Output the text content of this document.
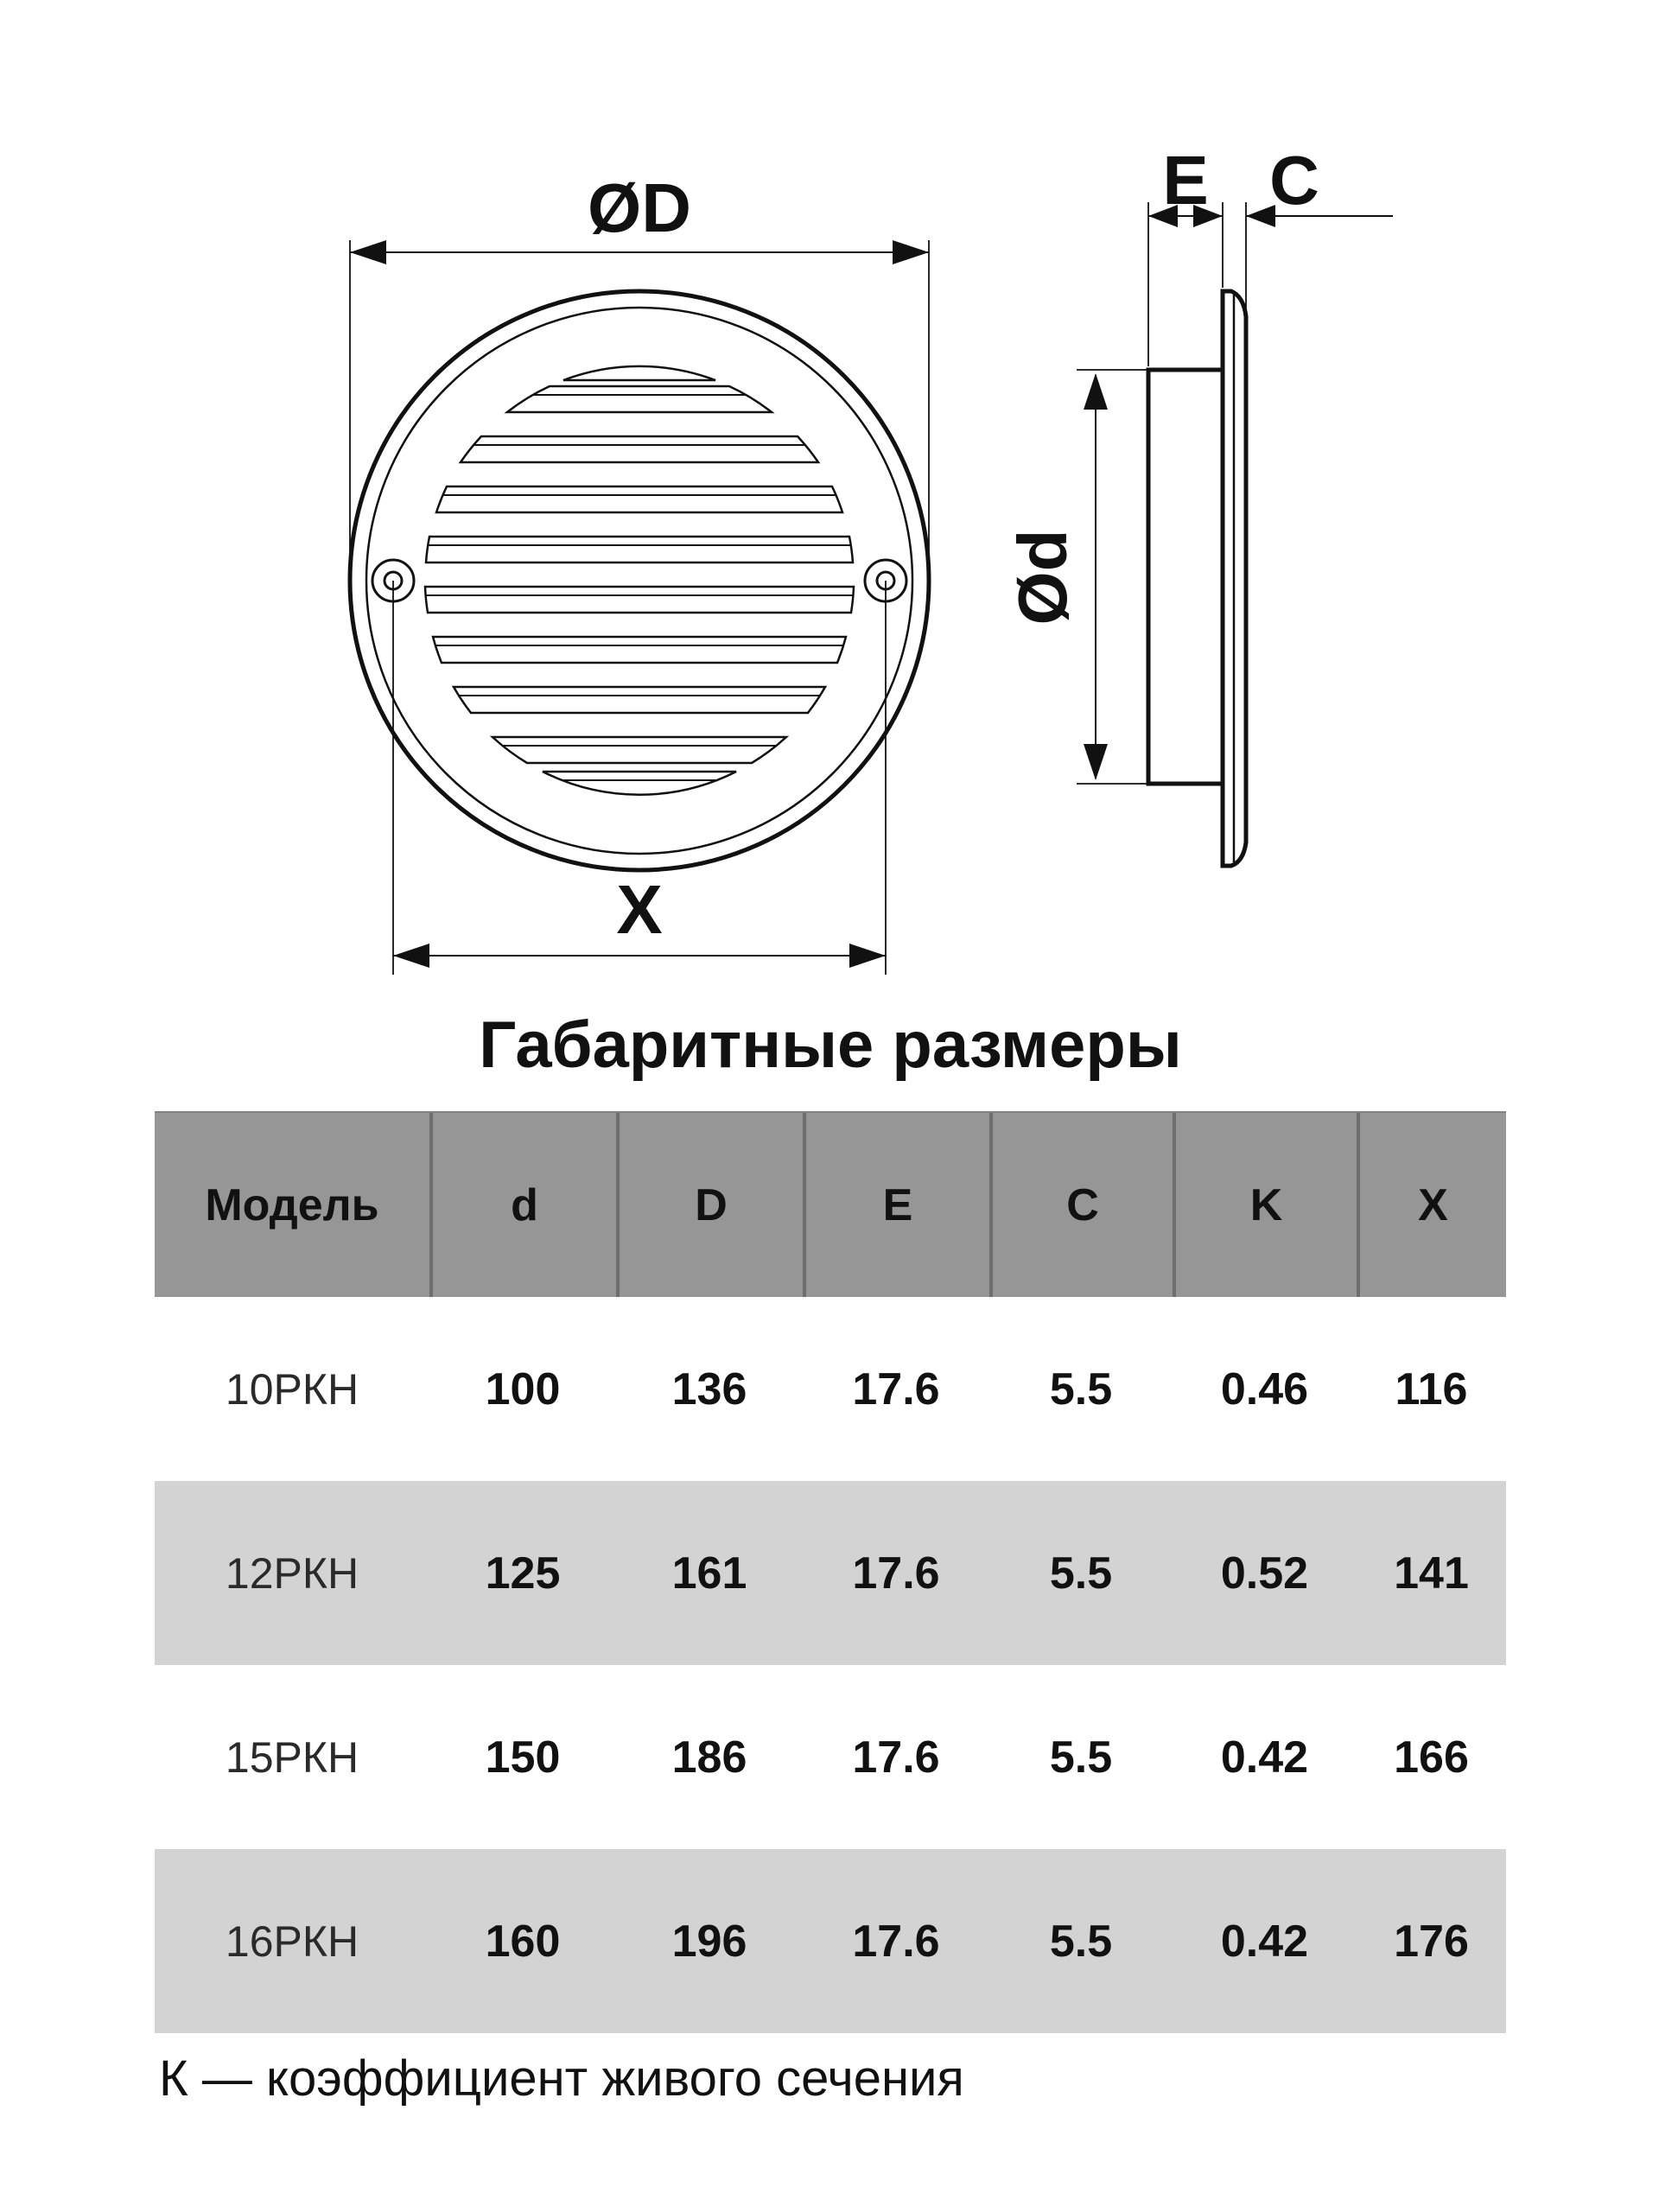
ØD
X
E C
Ød
Габаритные размеры
Модель	d	D	E	C	K	X
10РКН	100	136	17.6	5.5	0.46	116
12РКН	125	161	17.6	5.5	0.52	141
15РКН	150	186	17.6	5.5	0.42	166
16РКН	160	196	17.6	5.5	0.42	176
К — коэффициент живого сечения
